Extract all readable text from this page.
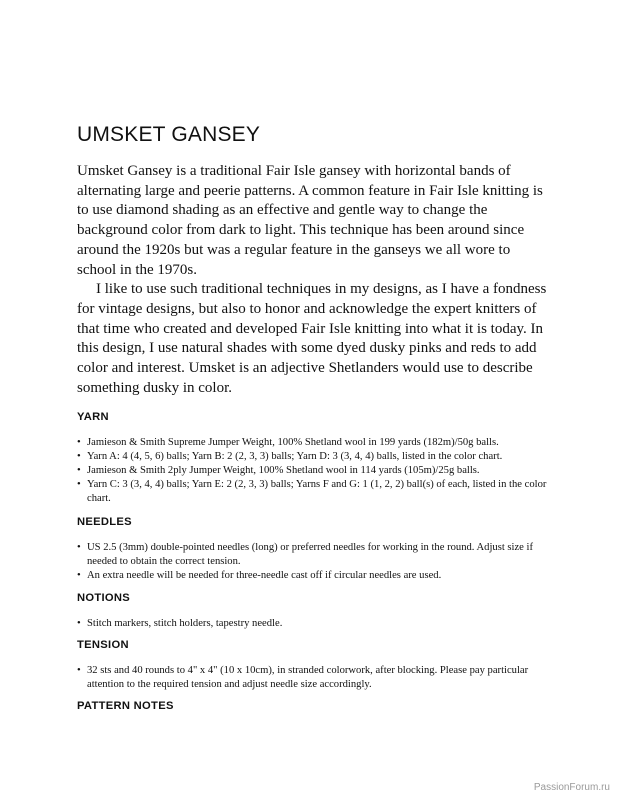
UMSKET GANSEY

Umsket Gansey is a traditional Fair Isle gansey with horizontal bands of alternating large and peerie patterns. A common feature in Fair Isle knitting is to use diamond shading as an effective and gentle way to change the background color from dark to light. This technique has been around since around the 1920s but was a regular feature in the ganseys we all wore to school in the 1970s.

I like to use such traditional techniques in my designs, as I have a fondness for vintage designs, but also to honor and acknowledge the expert knitters of that time who created and developed Fair Isle knitting into what it is today. In this design, I use natural shades with some dyed dusky pinks and reds to add color and interest. Umsket is an adjective Shetlanders would use to describe something dusky in color.

YARN
• Jamieson & Smith Supreme Jumper Weight, 100% Shetland wool in 199 yards (182m)/50g balls.
• Yarn A: 4 (4, 5, 6) balls; Yarn B: 2 (2, 3, 3) balls; Yarn D: 3 (3, 4, 4) balls, listed in the color chart.
• Jamieson & Smith 2ply Jumper Weight, 100% Shetland wool in 114 yards (105m)/25g balls.
• Yarn C: 3 (3, 4, 4) balls; Yarn E: 2 (2, 3, 3) balls; Yarns F and G: 1 (1, 2, 2) ball(s) of each, listed in the color chart.
NEEDLES
• US 2.5 (3mm) double-pointed needles (long) or preferred needles for working in the round. Adjust size if needed to obtain the correct tension.
• An extra needle will be needed for three-needle cast off if circular needles are used.
NOTIONS
• Stitch markers, stitch holders, tapestry needle.
TENSION
• 32 sts and 40 rounds to 4" x 4" (10 x 10cm), in stranded colorwork, after blocking. Please pay particular attention to the required tension and adjust needle size accordingly.
PATTERN NOTES
PassionForum.ru
